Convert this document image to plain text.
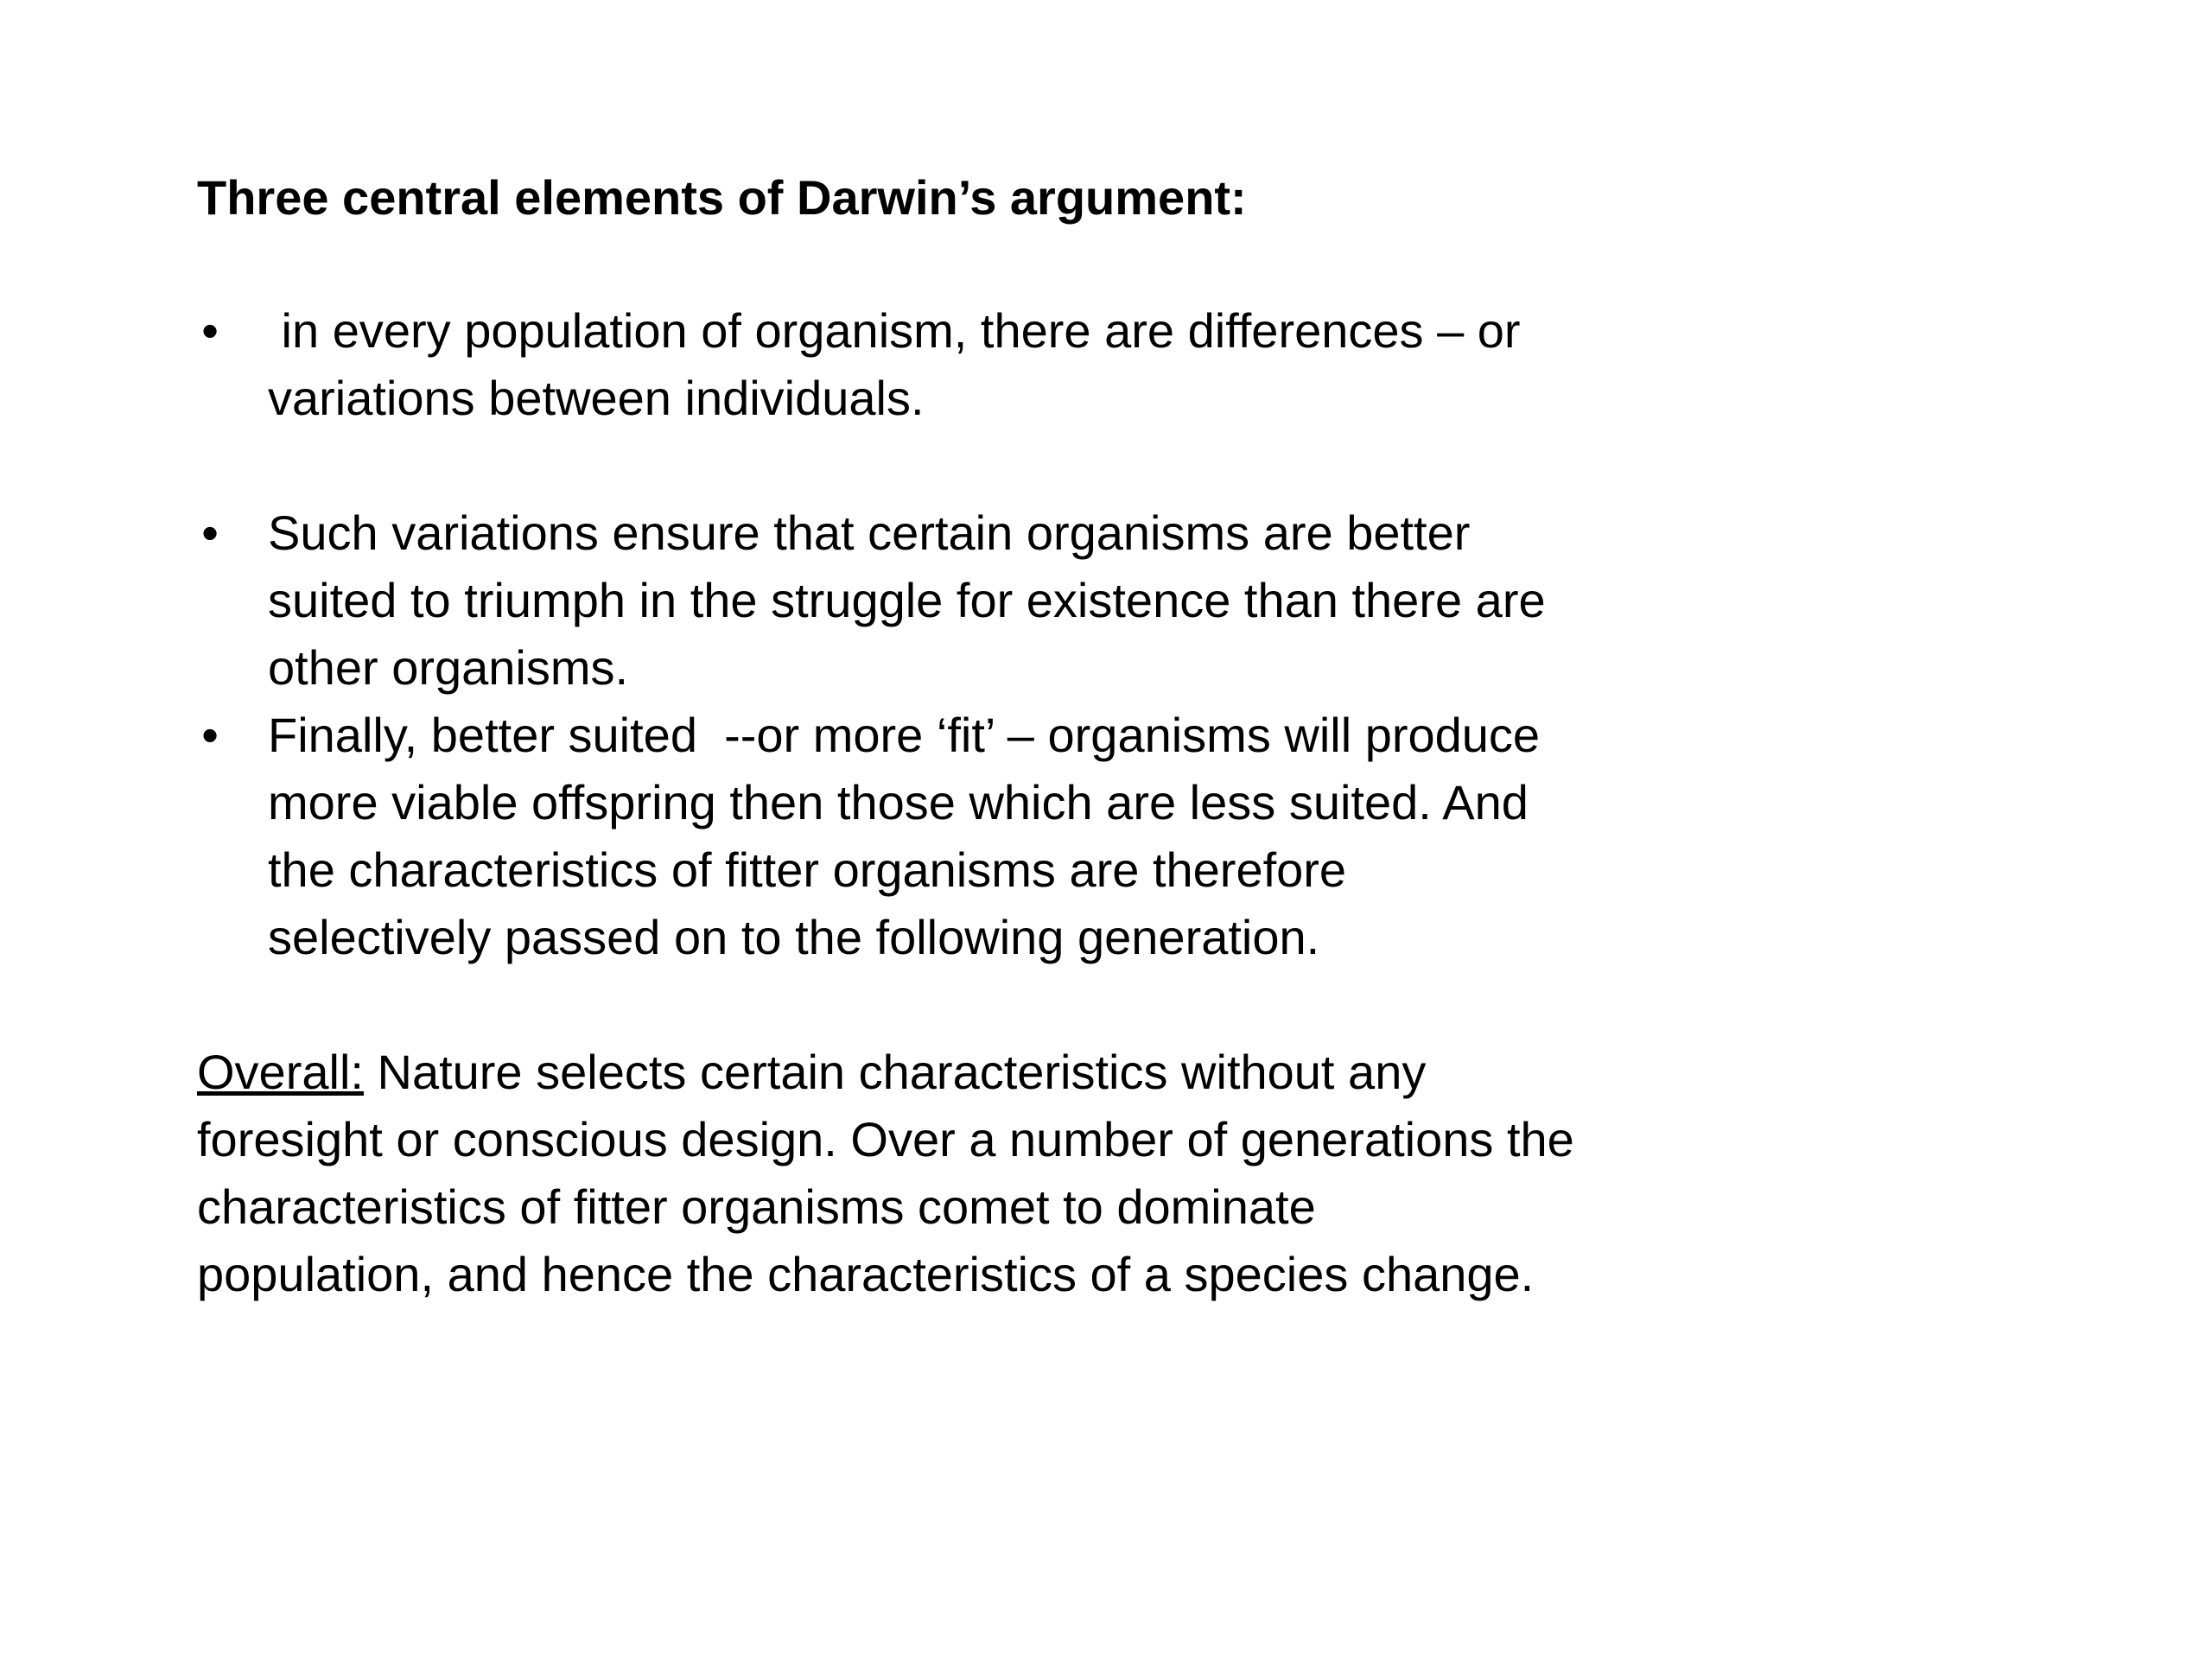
Three central elements of Darwin’s argument:

• in every population of organism, there are differences – or
variations between individuals.
• Such variations ensure that certain organisms are better
suited to triumph in the struggle for existence than there are
other organisms.
• Finally, better suited  --or more ‘fit’ – organisms will produce
more viable offspring then those which are less suited. And
the characteristics of fitter organisms are therefore
selectively passed on to the following generation.
Overall: Nature selects certain characteristics without any
foresight or conscious design. Over a number of generations the
characteristics of fitter organisms comet to dominate
population, and hence the characteristics of a species change.
